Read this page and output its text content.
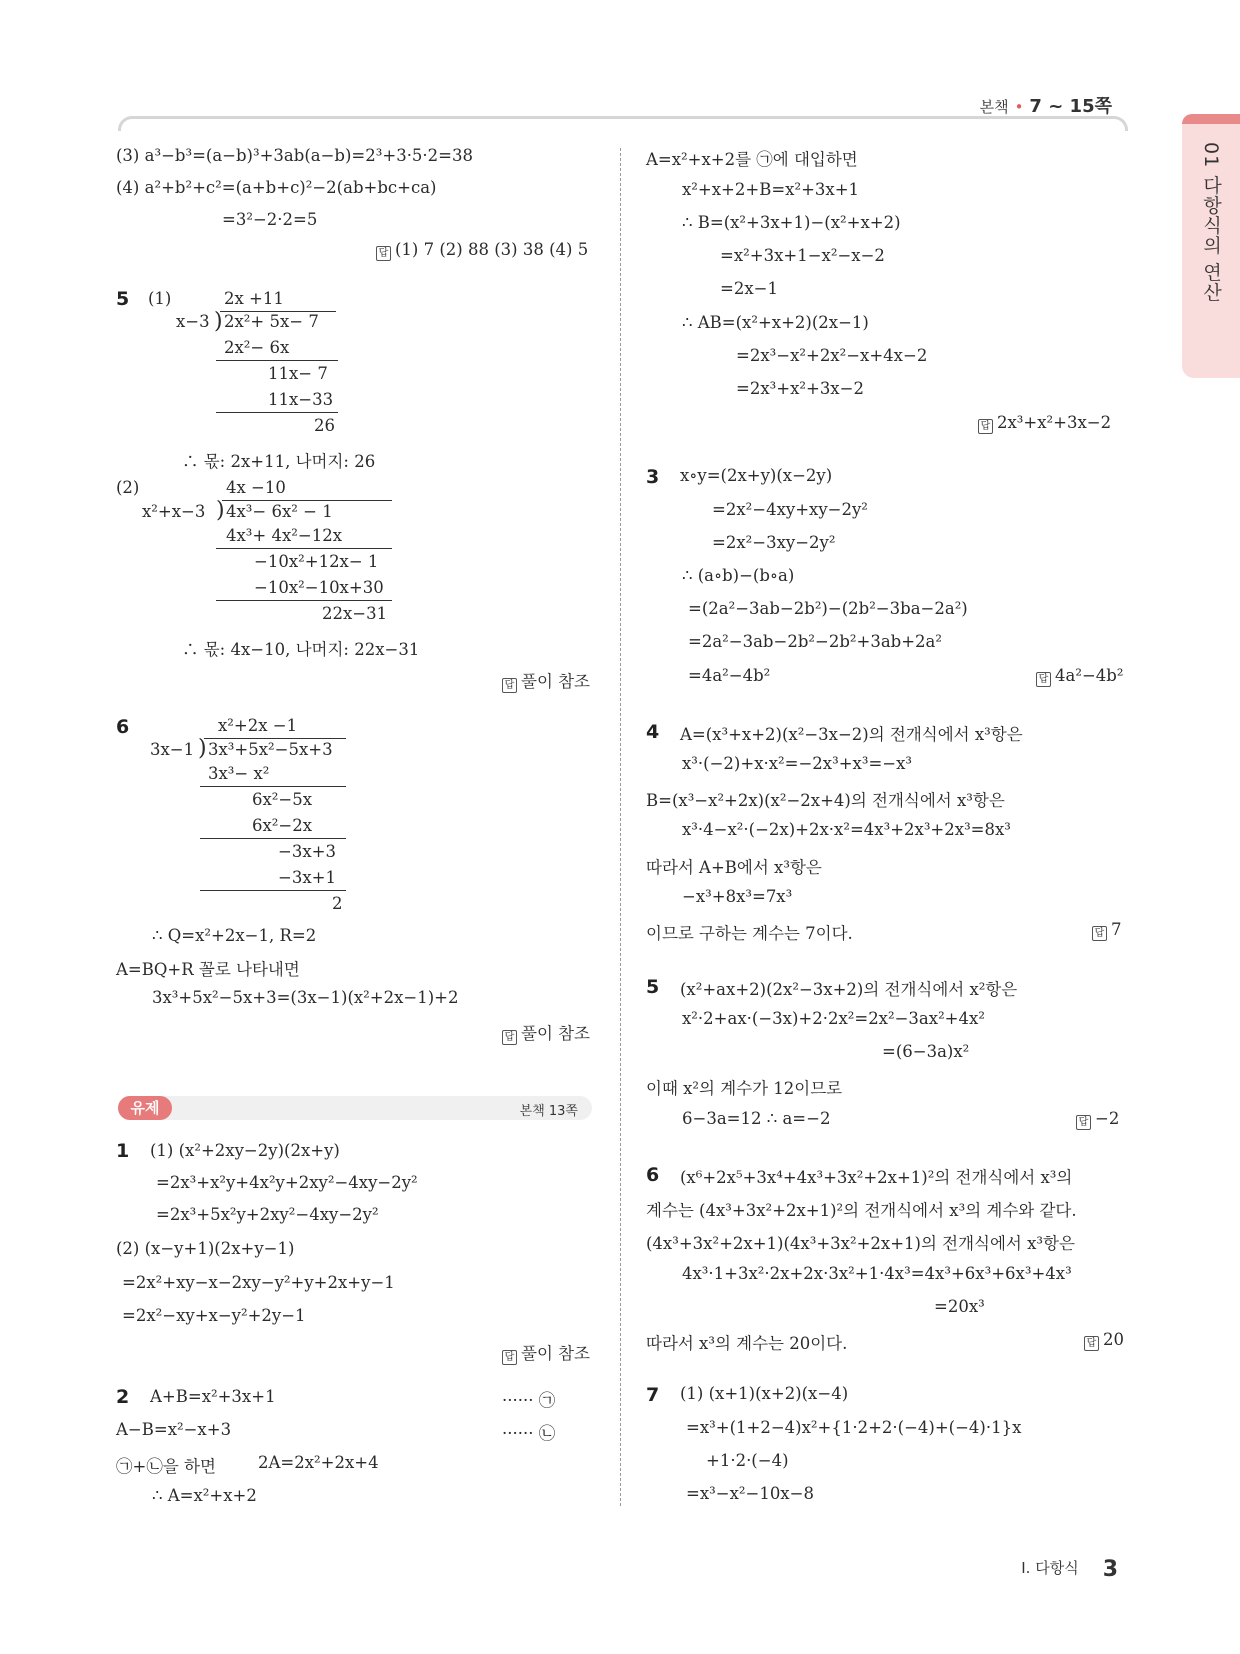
본책 • 7 ~ 15쪽
01 다항식의 연산
(3) a³−b³=(a−b)³+3ab(a−b)=2³+3·5·2=38
(4) a²+b²+c²=(a+b+c)²−2(ab+bc+ca)
=3²−2·2=5
답 (1) 7 (2) 88 (3) 38 (4) 5
5 (1)	2x +11
x−3 ) 2x²+ 5x− 7
2x²− 6x
11x− 7
11x−33
26
∴ 몫: 2x+11, 나머지: 26
(2)	4x −10
x²+x−3 ) 4x³− 6x² − 1
4x³+ 4x²−12x
−10x²+12x− 1
−10x²−10x+30
22x−31
∴ 몫: 4x−10, 나머지: 22x−31
답 풀이 참조
6	x²+2x −1
3x−1 ) 3x³+5x²−5x+3
3x³− x²
6x²−5x
6x²−2x
−3x+3
−3x+1
2
∴ Q=x²+2x−1, R=2
A=BQ+R 꼴로 나타내면
3x³+5x²−5x+3=(3x−1)(x²+2x−1)+2
답 풀이 참조
유제	본책 13쪽
1 (1) (x²+2xy−2y)(2x+y)
=2x³+x²y+4x²y+2xy²−4xy−2y²
=2x³+5x²y+2xy²−4xy−2y²
(2) (x−y+1)(2x+y−1)
=2x²+xy−x−2xy−y²+y+2x+y−1
=2x²−xy+x−y²+2y−1
답 풀이 참조
2 A+B=x²+3x+1	······ ㉠
A−B=x²−x+3	······ ㉡
㉠+㉡을 하면	2A=2x²+2x+4
∴ A=x²+x+2
A=x²+x+2를 ㉠에 대입하면
x²+x+2+B=x²+3x+1
∴ B=(x²+3x+1)−(x²+x+2)
=x²+3x+1−x²−x−2
=2x−1
∴ AB=(x²+x+2)(2x−1)
=2x³−x²+2x²−x+4x−2
=2x³+x²+3x−2
답 2x³+x²+3x−2
3 x∘y=(2x+y)(x−2y)
=2x²−4xy+xy−2y²
=2x²−3xy−2y²
∴ (a∘b)−(b∘a)
=(2a²−3ab−2b²)−(2b²−3ba−2a²)
=2a²−3ab−2b²−2b²+3ab+2a²
=4a²−4b²	답 4a²−4b²
4 A=(x³+x+2)(x²−3x−2)의 전개식에서 x³항은
x³·(−2)+x·x²=−2x³+x³=−x³
B=(x³−x²+2x)(x²−2x+4)의 전개식에서 x³항은
x³·4−x²·(−2x)+2x·x²=4x³+2x³+2x³=8x³
따라서 A+B에서 x³항은
−x³+8x³=7x³
이므로 구하는 계수는 7이다.	답 7
5 (x²+ax+2)(2x²−3x+2)의 전개식에서 x²항은
x²·2+ax·(−3x)+2·2x²=2x²−3ax²+4x²
=(6−3a)x²
이때 x²의 계수가 12이므로
6−3a=12 ∴ a=−2	답 −2
6 (x⁶+2x⁵+3x⁴+4x³+3x²+2x+1)²의 전개식에서 x³의
계수는 (4x³+3x²+2x+1)²의 전개식에서 x³의 계수와 같다.
(4x³+3x²+2x+1)(4x³+3x²+2x+1)의 전개식에서 x³항은
4x³·1+3x²·2x+2x·3x²+1·4x³=4x³+6x³+6x³+4x³
=20x³
따라서 x³의 계수는 20이다.	답 20
7 (1) (x+1)(x+2)(x−4)
=x³+(1+2−4)x²+{1·2+2·(−4)+(−4)·1}x
+1·2·(−4)
=x³−x²−10x−8
Ⅰ. 다항식 3
